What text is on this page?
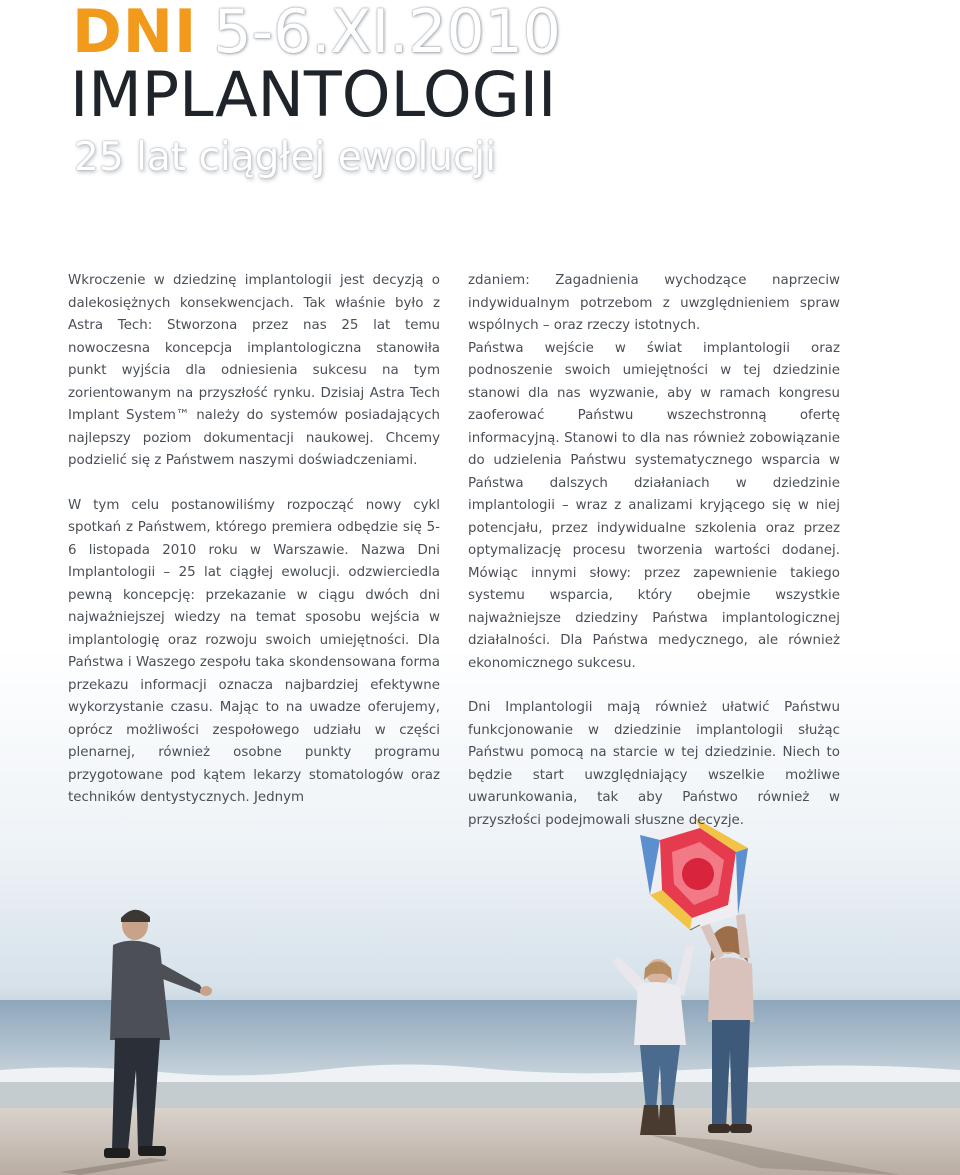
DNI 5-6.XI.2010
IMPLANTOLOGII
25 lat ciągłej ewolucji

Wkroczenie w dziedzinę implantologii jest decyzją o dalekosiężnych konsekwencjach. Tak właśnie było z Astra Tech: Stworzona przez nas 25 lat temu nowoczesna koncepcja implantologiczna stanowiła punkt wyjścia dla odniesienia sukcesu na tym zorientowanym na przyszłość rynku. Dzisiaj Astra Tech Implant System™ należy do systemów posiadających najlepszy poziom dokumentacji naukowej. Chcemy podzielić się z Państwem naszymi doświadczeniami.

W tym celu postanowiliśmy rozpocząć nowy cykl spotkań z Państwem, którego premiera odbędzie się 5-6 listopada 2010 roku w Warszawie. Nazwa Dni Implantologii – 25 lat ciągłej ewolucji. odzwierciedla pewną koncepcję: przekazanie w ciągu dwóch dni najważniejszej wiedzy na temat sposobu wejścia w implantologię oraz rozwoju swoich umiejętności. Dla Państwa i Waszego zespołu taka skondensowana forma przekazu informacji oznacza najbardziej efektywne wykorzystanie czasu. Mając to na uwadze oferujemy, oprócz możliwości zespołowego udziału w części plenarnej, również osobne punkty programu przygotowane pod kątem lekarzy stomatologów oraz techników dentystycznych. Jednym

zdaniem: Zagadnienia wychodzące naprzeciw indywidualnym potrzebom z uwzględnieniem spraw wspólnych – oraz rzeczy istotnych.

Państwa wejście w świat implantologii oraz podnoszenie swoich umiejętności w tej dziedzinie stanowi dla nas wyzwanie, aby w ramach kongresu zaoferować Państwu wszechstronną ofertę informacyjną. Stanowi to dla nas również zobowiązanie do udzielenia Państwu systematycznego wsparcia w Państwa dalszych działaniach w dziedzinie implantologii – wraz z analizami kryjącego się w niej potencjału, przez indywidualne szkolenia oraz przez optymalizację procesu tworzenia wartości dodanej. Mówiąc innymi słowy: przez zapewnienie takiego systemu wsparcia, który obejmie wszystkie najważniejsze dziedziny Państwa implantologicznej działalności. Dla Państwa medycznego, ale również ekonomicznego sukcesu.

Dni Implantologii mają również ułatwić Państwu funkcjonowanie w dziedzinie implantologii służąc Państwu pomocą na starcie w tej dziedzinie. Niech to będzie start uwzględniający wszelkie możliwe uwarunkowania, tak aby Państwo również w przyszłości podejmowali słuszne decyzje.
